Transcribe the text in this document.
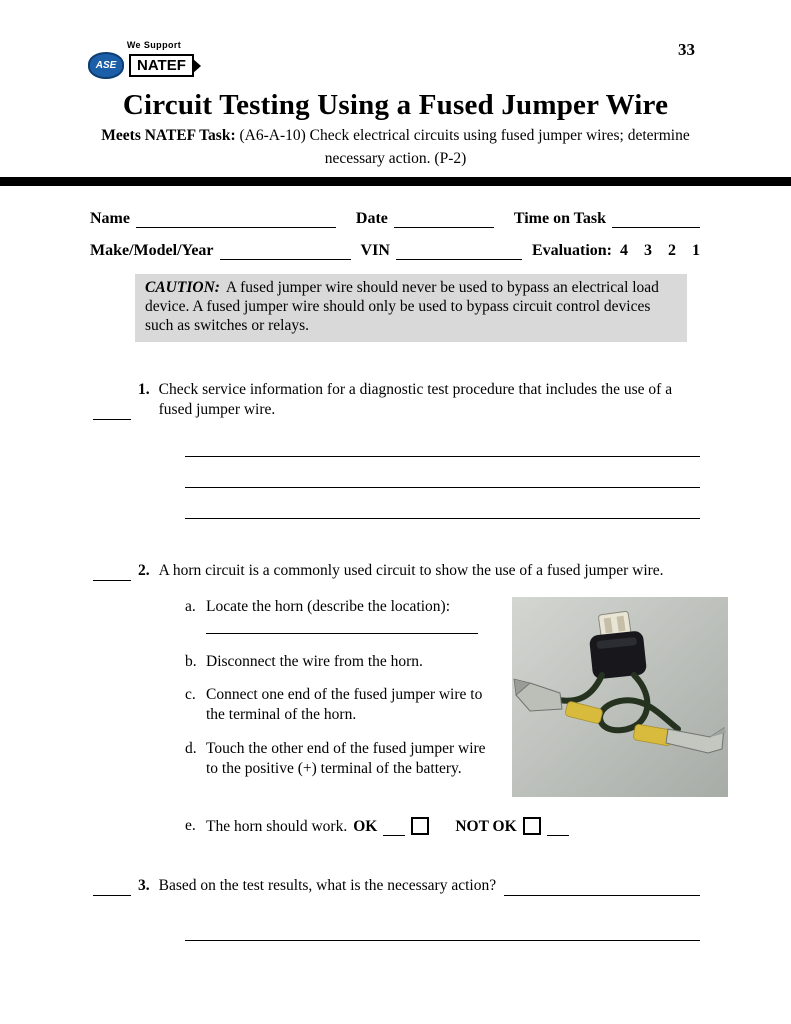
We Support
ASE	NATEF
33
Circuit Testing Using a Fused Jumper Wire
Meets NATEF Task: (A6-A-10) Check electrical circuits using fused jumper wires; determine
necessary action. (P-2)
Name	Date	Time on Task
Make/Model/Year	VIN	Evaluation: 4    3    2    1
CAUTION: A fused jumper wire should never be used to bypass an electrical load device. A fused jumper wire should only be used to bypass circuit control devices such as switches or relays.
1. Check service information for a diagnostic test procedure that includes the use of a fused jumper wire.
2. A horn circuit is a commonly used circuit to show the use of a fused jumper wire.
a. Locate the horn (describe the location):
b. Disconnect the wire from the horn.
c. Connect one end of the fused jumper wire to the terminal of the horn.
d. Touch the other end of the fused jumper wire to the positive (+) terminal of the battery.
e. The horn should work. OK	NOT OK
3. Based on the test results, what is the necessary action?
